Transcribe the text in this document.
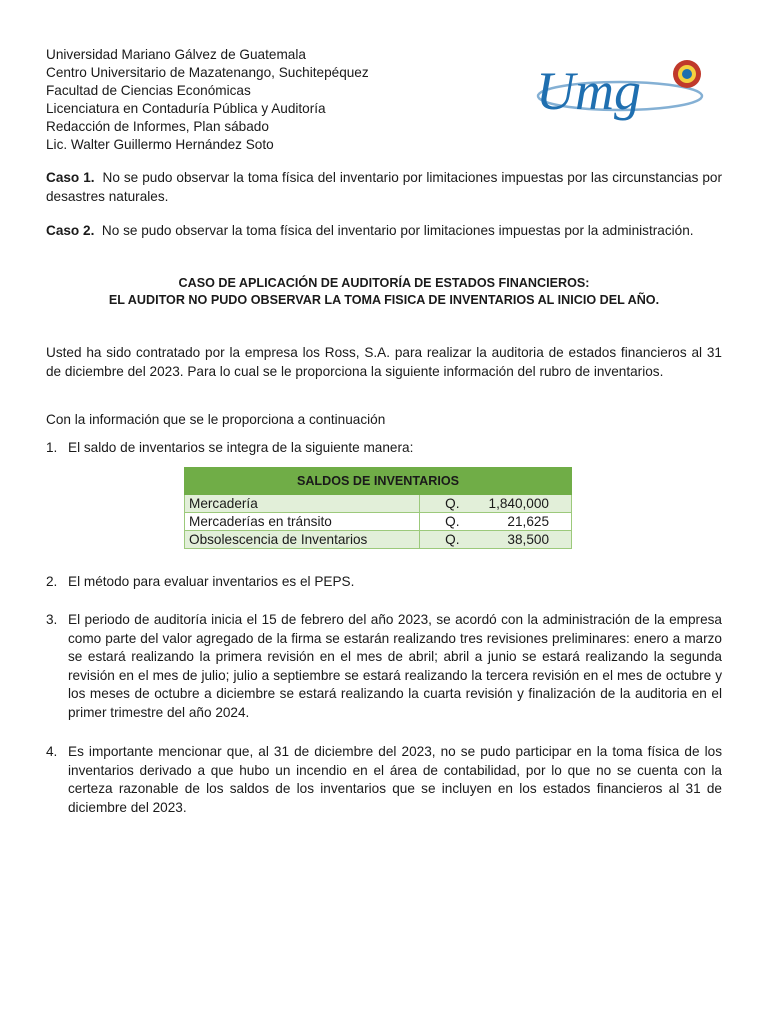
Universidad Mariano Gálvez de Guatemala
Centro Universitario de Mazatenango, Suchitepéquez
Facultad de Ciencias Económicas
Licenciatura en Contaduría Pública y Auditoría
Redacción de Informes, Plan sábado
Lic. Walter Guillermo Hernández Soto
Umg
Caso 1. No se pudo observar la toma física del inventario por limitaciones impuestas por las circunstancias por desastres naturales.
Caso 2. No se pudo observar la toma física del inventario por limitaciones impuestas por la administración.
CASO DE APLICACIÓN DE AUDITORÍA DE ESTADOS FINANCIEROS:
EL AUDITOR NO PUDO OBSERVAR LA TOMA FISICA DE INVENTARIOS AL INICIO DEL AÑO.
Usted ha sido contratado por la empresa los Ross, S.A. para realizar la auditoria de estados financieros al 31 de diciembre del 2023. Para lo cual se le proporciona la siguiente información del rubro de inventarios.
Con la información que se le proporciona a continuación
1. El saldo de inventarios se integra de la siguiente manera:
SALDOS DE INVENTARIOS		
Mercadería	Q.	1,840,000
Mercaderías en tránsito	Q.	21,625
Obsolescencia de Inventarios	Q.	38,500
2. El método para evaluar inventarios es el PEPS.
3. El periodo de auditoría inicia el 15 de febrero del año 2023, se acordó con la administración de la empresa como parte del valor agregado de la firma se estarán realizando tres revisiones preliminares: enero a marzo se estará realizando la primera revisión en el mes de abril; abril a junio se estará realizando la segunda revisión en el mes de julio; julio a septiembre se estará realizando la tercera revisión en el mes de octubre y los meses de octubre a diciembre se estará realizando la cuarta revisión y finalización de la auditoria en el primer trimestre del año 2024.
4. Es importante mencionar que, al 31 de diciembre del 2023, no se pudo participar en la toma física de los inventarios derivado a que hubo un incendio en el área de contabilidad, por lo que no se cuenta con la certeza razonable de los saldos de los inventarios que se incluyen en los estados financieros al 31 de diciembre del 2023.
